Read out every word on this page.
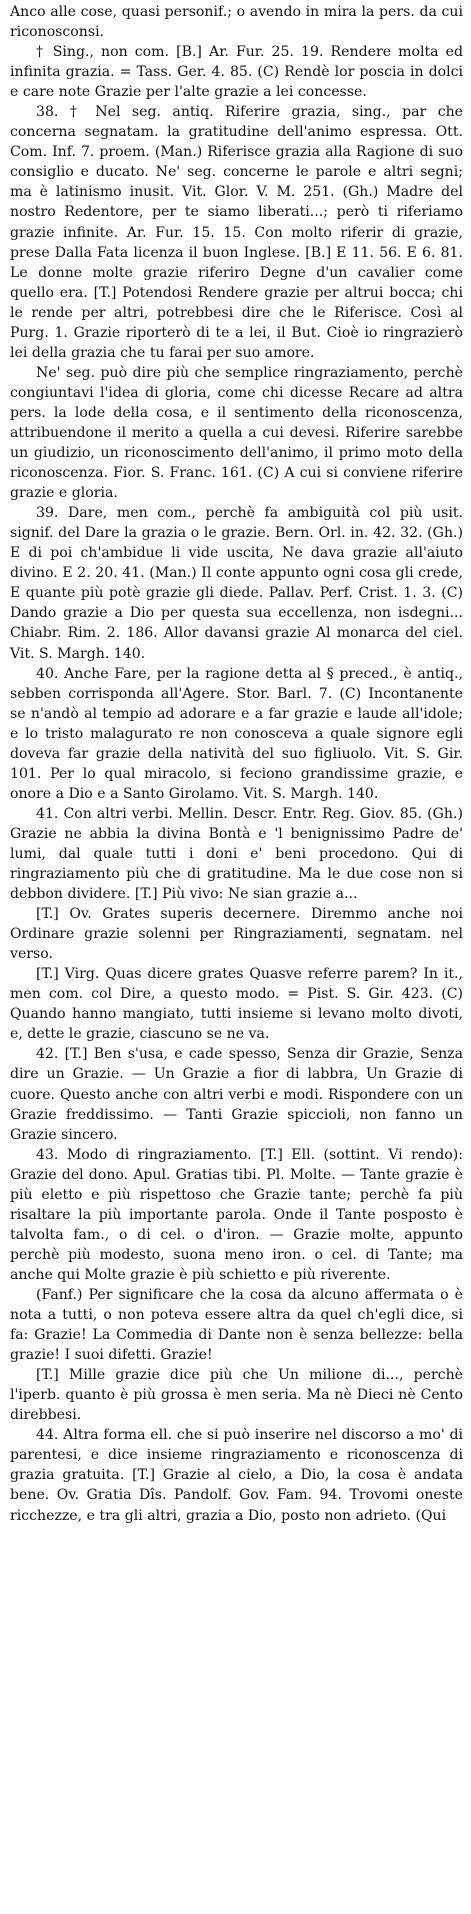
Anco alle cose, quasi personif.; o avendo in mira la pers. da cui riconosconsi.

† Sing., non com. [B.] Ar. Fur. 25. 19. Rendere molta ed infinita grazia. = Tass. Ger. 4. 85. (C) Rendè lor poscia in dolci e care note Grazie per l'alte grazie a lei concesse.

38. † Nel seg. antiq. Riferire grazia, sing., par che concerna segnatam. la gratitudine dell'animo espressa. Ott. Com. Inf. 7. proem. (Man.) Riferisce grazia alla Ragione di suo consiglio e ducato. Ne' seg. concerne le parole e altri segni; ma è latinismo inusit. Vit. Glor. V. M. 251. (Gh.) Madre del nostro Redentore, per te siamo liberati...; però ti riferiamo grazie infinite. Ar. Fur. 15. 15. Con molto riferir di grazie, prese Dalla Fata licenza il buon Inglese. [B.] E 11. 56. E 6. 81. Le donne molte grazie riferiro Degne d'un cavalier come quello era. [T.] Potendosi Rendere grazie per altrui bocca; chi le rende per altri, potrebbesi dire che le Riferisce. Così al Purg. 1. Grazie riporterò di te a lei, il But. Cioè io ringrazierò lei della grazia che tu farai per suo amore.

Ne' seg. può dire più che semplice ringraziamento, perchè congiuntavi l'idea di gloria, come chi dicesse Recare ad altra pers. la lode della cosa, e il sentimento della riconoscenza, attribuendone il merito a quella a cui devesi. Riferire sarebbe un giudizio, un riconoscimento dell'animo, il primo moto della riconoscenza. Fior. S. Franc. 161. (C) A cui si conviene riferire grazie e gloria.

39. Dare, men com., perchè fa ambiguità col più usit. signif. del Dare la grazia o le grazie. Bern. Orl. in. 42. 32. (Gh.) E di poi ch'ambidue li vide uscita, Ne dava grazie all'aiuto divino. E 2. 20. 41. (Man.) Il conte appunto ogni cosa gli crede, E quante più potè grazie gli diede. Pallav. Perf. Crist. 1. 3. (C) Dando grazie a Dio per questa sua eccellenza, non isdegni... Chiabr. Rim. 2. 186. Allor davansi grazie Al monarca del ciel. Vit. S. Margh. 140.

40. Anche Fare, per la ragione detta al § preced., è antiq., sebben corrisponda all'Agere. Stor. Barl. 7. (C) Incontanente se n'andò al tempio ad adorare e a far grazie e laude all'idole; e lo tristo malagurato re non conosceva a quale signore egli doveva far grazie della natività del suo figliuolo. Vit. S. Gir. 101. Per lo qual miracolo, si feciono grandissime grazie, e onore a Dio e a Santo Girolamo. Vit. S. Margh. 140.

41. Con altri verbi. Mellin. Descr. Entr. Reg. Giov. 85. (Gh.) Grazie ne abbia la divina Bontà e 'l benignissimo Padre de' lumi, dal quale tutti i doni e' beni procedono. Qui di ringraziamento più che di gratitudine. Ma le due cose non si debbon dividere. [T.] Più vivo: Ne sian grazie a...

[T.] Ov. Grates superis decernere. Diremmo anche noi Ordinare grazie solenni per Ringraziamenti, segnatam. nel verso.

[T.] Virg. Quas dicere grates Quasve referre parem? In it., men com. col Dire, a questo modo. = Pist. S. Gir. 423. (C) Quando hanno mangiato, tutti insieme si levano molto divoti, e, dette le grazie, ciascuno se ne va.

42. [T.] Ben s'usa, e cade spesso, Senza dir Grazie, Senza dire un Grazie. — Un Grazie a fior di labbra, Un Grazie di cuore. Questo anche con altri verbi e modi. Rispondere con un Grazie freddissimo. — Tanti Grazie spiccioli, non fanno un Grazie sincero.

43. Modo di ringraziamento. [T.] Ell. (sottint. Vi rendo): Grazie del dono. Apul. Gratias tibi. Pl. Molte. — Tante grazie è più eletto e più rispettoso che Grazie tante; perchè fa più risaltare la più importante parola. Onde il Tante posposto è talvolta fam., o di cel. o d'iron. — Grazie molte, appunto perchè più modesto, suona meno iron. o cel. di Tante; ma anche qui Molte grazie è più schietto e più riverente.

(Fanf.) Per significare che la cosa da alcuno affermata o è nota a tutti, o non poteva essere altra da quel ch'egli dice, si fa: Grazie! La Commedia di Dante non è senza bellezze: bella grazie! I suoi difetti. Grazie!

[T.] Mille grazie dice più che Un milione di..., perchè l'iperb. quanto è più grossa è men seria. Ma nè Dieci nè Cento direbbesi.

44. Altra forma ell. che si può inserire nel discorso a mo' di parentesi, e dice insieme ringraziamento e riconoscenza di grazia gratuita. [T.] Grazie al cielo, a Dio, la cosa è andata bene. Ov. Gratia Dîs. Pandolf. Gov. Fam. 94. Trovomi oneste ricchezze, e tra gli altri, grazia a Dio, posto non adrieto. (Qui
